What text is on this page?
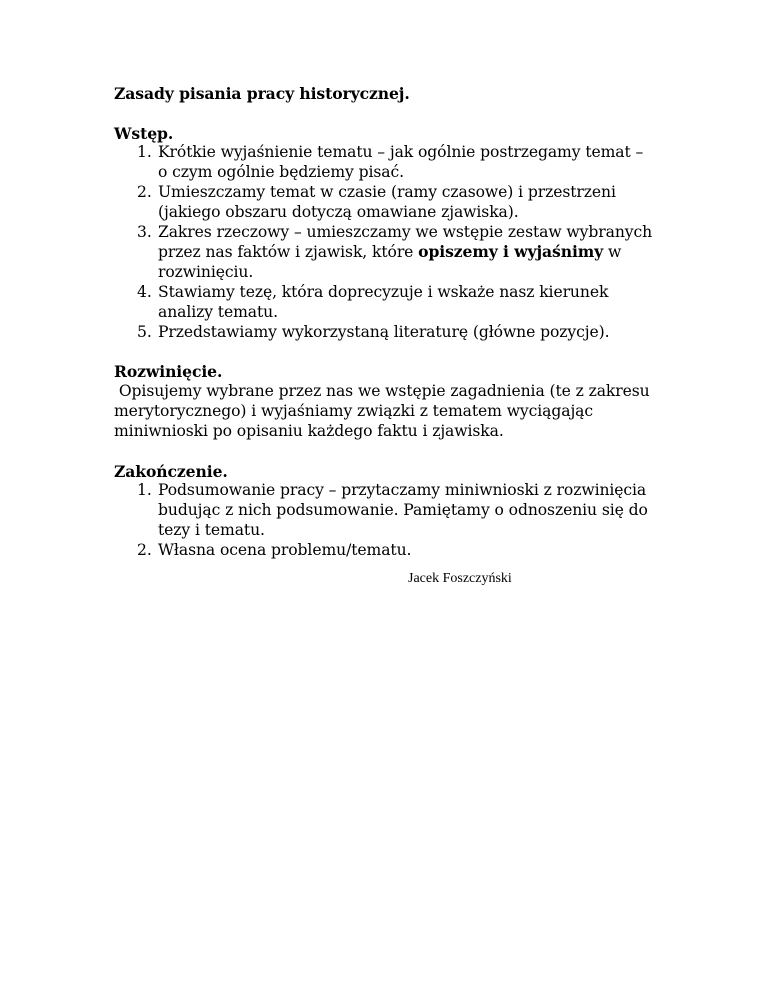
Zasady pisania pracy historycznej.

Wstęp.

1. Krótkie wyjaśnienie tematu – jak ogólnie postrzegamy temat – o czym ogólnie będziemy pisać.
2. Umieszczamy temat w czasie (ramy czasowe) i przestrzeni (jakiego obszaru dotyczą omawiane zjawiska).
3. Zakres rzeczowy – umieszczamy we wstępie zestaw wybranych przez nas faktów i zjawisk, które opiszemy i wyjaśnimy w rozwinięciu.
4. Stawiamy tezę, która doprecyzuje i wskaże nasz kierunek analizy tematu.
5. Przedstawiamy wykorzystaną literaturę (główne pozycje).

Rozwinięcie.

Opisujemy wybrane przez nas we wstępie zagadnienia (te z zakresu merytorycznego) i wyjaśniamy związki z tematem wyciągając miniwnioski po opisaniu każdego faktu i zjawiska.

Zakończenie.

1. Podsumowanie pracy – przytaczamy miniwnioski z rozwinięcia budując z nich podsumowanie. Pamiętamy o odnoszeniu się do tezy i tematu.
2. Własna ocena problemu/tematu.
Jacek Foszczyński
